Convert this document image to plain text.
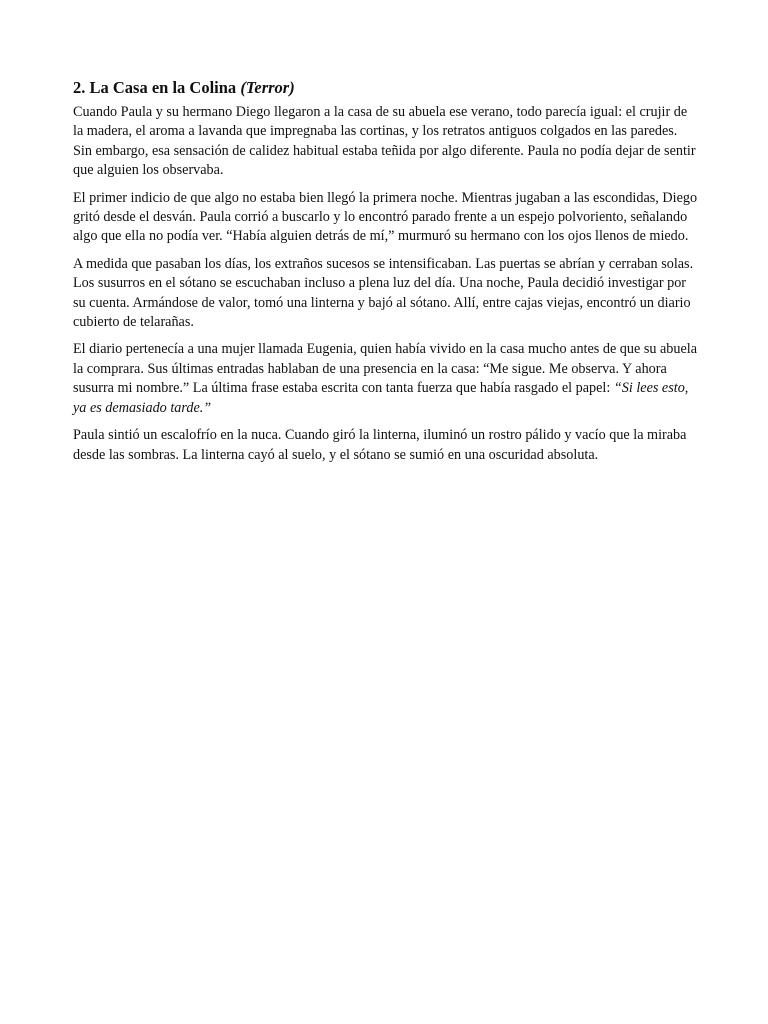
2. La Casa en la Colina (Terror)

Cuando Paula y su hermano Diego llegaron a la casa de su abuela ese verano, todo parecía igual: el crujir de la madera, el aroma a lavanda que impregnaba las cortinas, y los retratos antiguos colgados en las paredes. Sin embargo, esa sensación de calidez habitual estaba teñida por algo diferente. Paula no podía dejar de sentir que alguien los observaba.

El primer indicio de que algo no estaba bien llegó la primera noche. Mientras jugaban a las escondidas, Diego gritó desde el desván. Paula corrió a buscarlo y lo encontró parado frente a un espejo polvoriento, señalando algo que ella no podía ver. “Había alguien detrás de mí,” murmuró su hermano con los ojos llenos de miedo.

A medida que pasaban los días, los extraños sucesos se intensificaban. Las puertas se abrían y cerraban solas. Los susurros en el sótano se escuchaban incluso a plena luz del día. Una noche, Paula decidió investigar por su cuenta. Armándose de valor, tomó una linterna y bajó al sótano. Allí, entre cajas viejas, encontró un diario cubierto de telarañas.

El diario pertenecía a una mujer llamada Eugenia, quien había vivido en la casa mucho antes de que su abuela la comprara. Sus últimas entradas hablaban de una presencia en la casa: “Me sigue. Me observa. Y ahora susurra mi nombre.” La última frase estaba escrita con tanta fuerza que había rasgado el papel: “Si lees esto, ya es demasiado tarde.”

Paula sintió un escalofrío en la nuca. Cuando giró la linterna, iluminó un rostro pálido y vacío que la miraba desde las sombras. La linterna cayó al suelo, y el sótano se sumió en una oscuridad absoluta.
